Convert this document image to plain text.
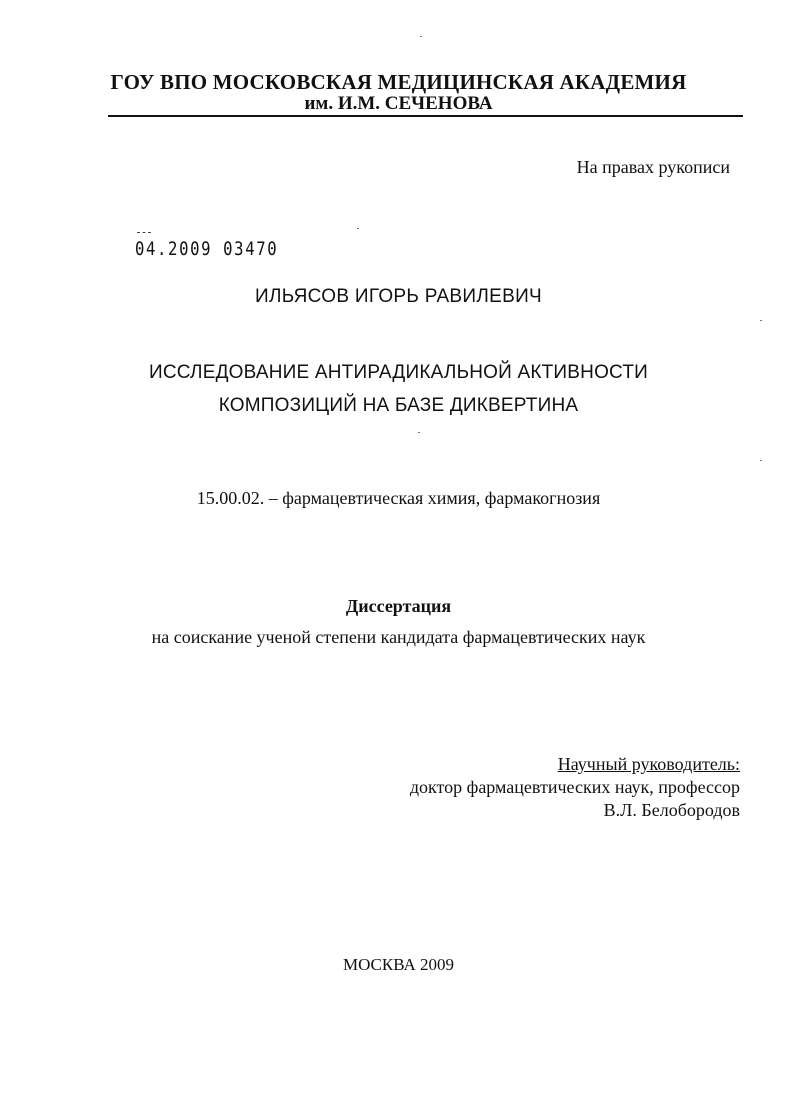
ГОУ ВПО МОСКОВСКАЯ МЕДИЦИНСКАЯ АКАДЕМИЯ
им. И.М. СЕЧЕНОВА
На правах рукописи
04.2009 03470
ИЛЬЯСОВ ИГОРЬ РАВИЛЕВИЧ
ИССЛЕДОВАНИЕ АНТИРАДИКАЛЬНОЙ АКТИВНОСТИ
КОМПОЗИЦИЙ НА БАЗЕ ДИКВЕРТИНА
15.00.02. – фармацевтическая химия, фармакогнозия
Диссертация
на соискание ученой степени кандидата фармацевтических наук
Научный руководитель:
доктор фармацевтических наук, профессор
В.Л. Белобородов
МОСКВА 2009
